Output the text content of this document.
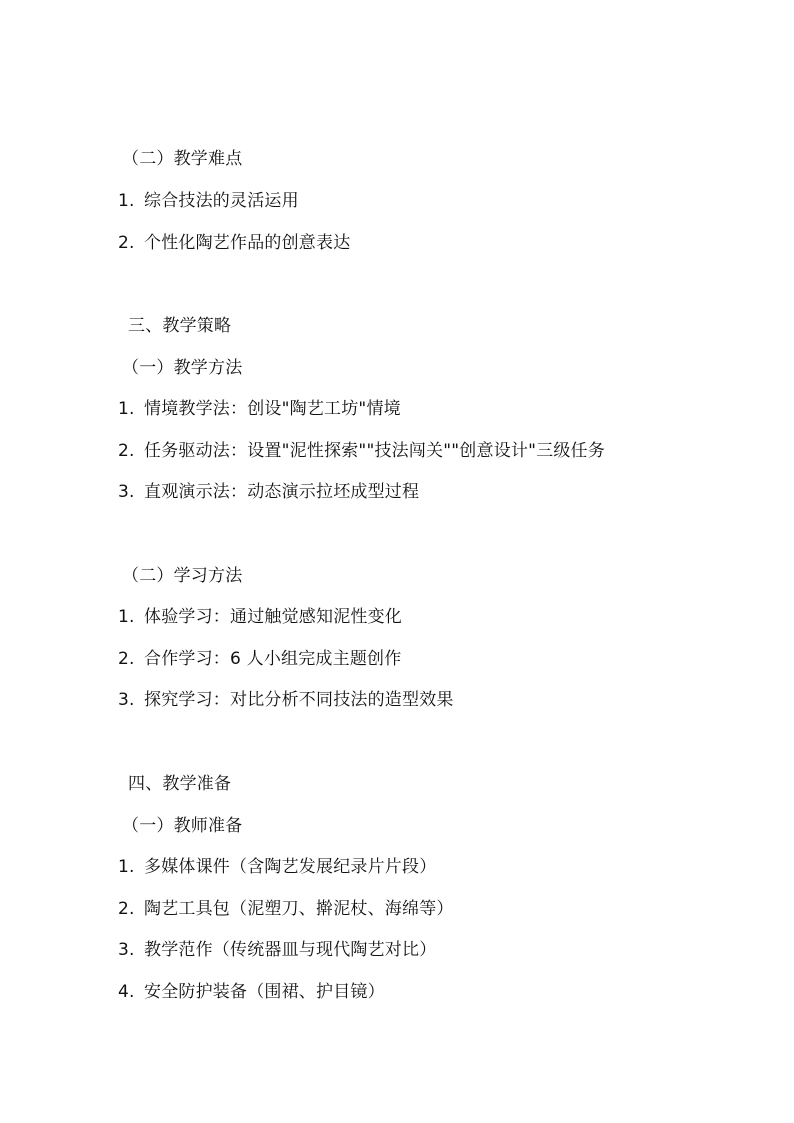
（二）教学难点
1. 综合技法的灵活运用
2. 个性化陶艺作品的创意表达
三、教学策略
（一）教学方法
1. 情境教学法：创设"陶艺工坊"情境
2. 任务驱动法：设置"泥性探索""技法闯关""创意设计"三级任务
3. 直观演示法：动态演示拉坯成型过程
（二）学习方法
1. 体验学习：通过触觉感知泥性变化
2. 合作学习：6 人小组完成主题创作
3. 探究学习：对比分析不同技法的造型效果
四、教学准备
（一）教师准备
1. 多媒体课件（含陶艺发展纪录片片段）
2. 陶艺工具包（泥塑刀、擀泥杖、海绵等）
3. 教学范作（传统器皿与现代陶艺对比）
4. 安全防护装备（围裙、护目镜）
